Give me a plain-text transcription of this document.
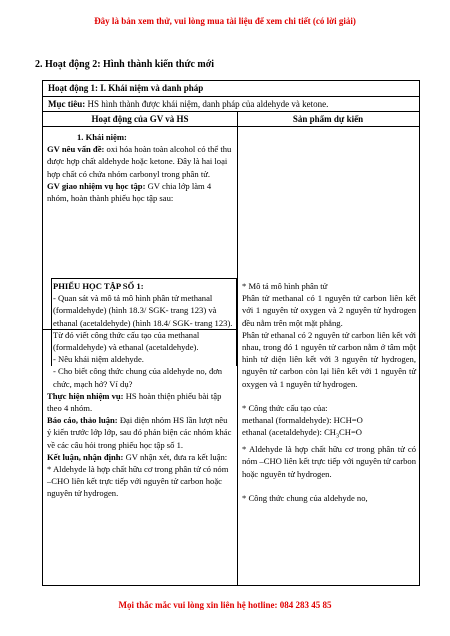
Đây là bản xem thử, vui lòng mua tài liệu để xem chi tiết (có lời giải)
2. Hoạt động 2: Hình thành kiến thức mới
Hoạt động 1: I. Khái niệm và danh pháp
Mục tiêu: HS hình thành được khái niệm, danh pháp của aldehyde và ketone.
Hoạt động của GV và HS	Sản phẩm dự kiến

1. Khái niệm:

GV nêu vấn đề: oxi hóa hoàn toàn alcohol có thể thu được hợp chất aldehyde hoặc ketone. Đây là hai loại hợp chất có chứa nhóm carbonyl trong phân tử.

GV giao nhiệm vụ học tập: GV chia lớp làm 4 nhóm, hoàn thành phiếu học tập sau:

PHIẾU HỌC TẬP SỐ 1:

- Quan sát và mô tả mô hình phân tử methanal (formaldehyde) (hình 18.3/ SGK- trang 123) và ethanal (acetaldehyde) (hình 18.4/ SGK- trang 123). Từ đó viết công thức cấu tạo của methanal (formaldehyde) và ethanal (acetaldehyde).

- Nêu khái niệm aldehyde.

- Cho biết công thức chung của aldehyde no, đơn chức, mạch hở? Ví dụ?

Thực hiện nhiệm vụ: HS hoàn thiện phiếu bài tập theo 4 nhóm.

Báo cáo, thảo luận: Đại diện nhóm HS lần lượt nêu ý kiến trước lớp lớp, sau đó phản biện các nhóm khác về các câu hỏi trong phiếu học tập số 1.

Kết luận, nhận định: GV nhận xét, đưa ra kết luận:

* Aldehyde là hợp chất hữu cơ trong phân tử có nóm –CHO liên kết trực tiếp với nguyên tử carbon hoặc nguyên tử hydrogen.

* Mô tả mô hình phân tử

Phân tử methanal có 1 nguyên tử carbon liên kết với 1 nguyên tử oxygen và 2 nguyên tử hydrogen đều nằm trên một mặt phẳng.

Phân tử ethanal có 2 nguyên tử carbon liên kết với nhau, trong đó 1 nguyên tử carbon nằm ở tâm một hình tứ diện liên kết với 3 nguyên tử hydrogen, nguyên tử carbon còn lại liên kết với 1 nguyên tử oxygen và 1 nguyên tử hydrogen.

* Công thức cấu tạo của:

methanal (formaldehyde): HCH=O

ethanal (acetaldehyde): $CH_3CH=O$

* Aldehyde là hợp chất hữu cơ trong phân tử có nóm –CHO liên kết trực tiếp với nguyên tử carbon hoặc nguyên tử hydrogen.

* Công thức chung của aldehyde no,

Mọi thắc mắc vui lòng xin liên hệ hotline: 084 283 45 85
